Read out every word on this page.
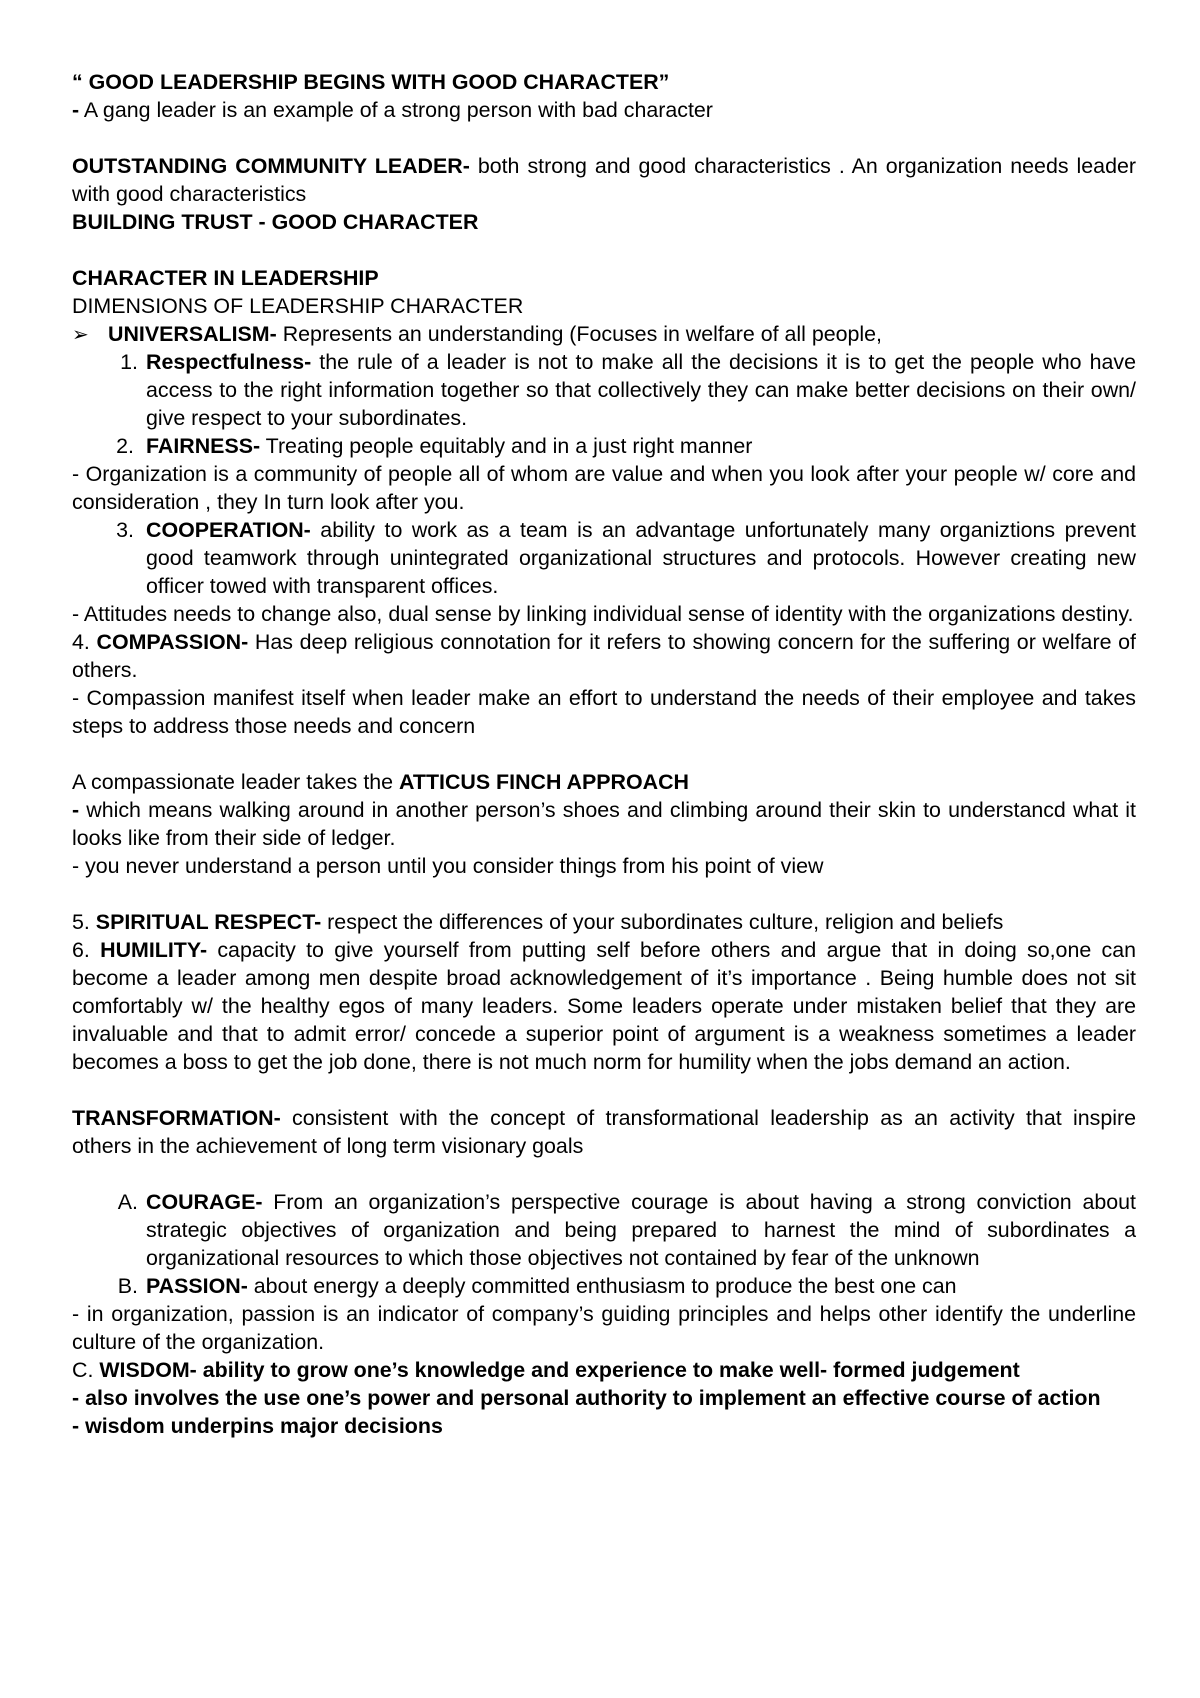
“ GOOD LEADERSHIP BEGINS WITH GOOD CHARACTER”

- A gang leader is an example of a strong person with bad character

OUTSTANDING COMMUNITY LEADER- both strong and good characteristics . An organization needs leader with good characteristics

BUILDING TRUST - GOOD CHARACTER

CHARACTER IN LEADERSHIP

DIMENSIONS OF LEADERSHIP CHARACTER

➢ UNIVERSALISM- Represents an understanding (Focuses in welfare of all people,
1. Respectfulness- the rule of a leader is not to make all the decisions it is to get the people who have access to the right information together so that collectively they can make better decisions on their own/ give respect to your subordinates.
2. FAIRNESS- Treating people equitably and in a just right manner

- Organization is a community of people all of whom are value and when you look after your people w/ core and consideration , they In turn look after you.

3. COOPERATION- ability to work as a team is an advantage unfortunately many organiztions prevent good teamwork through unintegrated organizational structures and protocols. However creating new officer towed with transparent offices.

- Attitudes needs to change also, dual sense by linking individual sense of identity with the organizations destiny.

4. COMPASSION- Has deep religious connotation for it refers to showing concern for the suffering or welfare of others.

- Compassion manifest itself when leader make an effort to understand the needs of their employee and takes steps to address those needs and concern

A compassionate leader takes the ATTICUS FINCH APPROACH

- which means walking around in another person’s shoes and climbing around their skin to understancd what it looks like from their side of ledger.

- you never understand a person until you consider things from his point of view

5. SPIRITUAL RESPECT- respect the differences of your subordinates culture, religion and beliefs

6. HUMILITY- capacity to give yourself from putting self before others and argue that in doing so,one can become a leader among men despite broad acknowledgement of it’s importance . Being humble does not sit comfortably w/ the healthy egos of many leaders. Some leaders operate under mistaken belief that they are invaluable and that to admit error/ concede a superior point of argument is a weakness sometimes a leader becomes a boss to get the job done, there is not much norm for humility when the jobs demand an action.

TRANSFORMATION- consistent with the concept of transformational leadership as an activity that inspire others in the achievement of long term visionary goals

A. COURAGE- From an organization’s perspective courage is about having a strong conviction about strategic objectives of organization and being prepared to harnest the mind of subordinates a organizational resources to which those objectives not contained by fear of the unknown
B. PASSION- about energy a deeply committed enthusiasm to produce the best one can

- in organization, passion is an indicator of company’s guiding principles and helps other identify the underline culture of the organization.

C. WISDOM- ability to grow one’s knowledge and experience to make well- formed judgement

- also involves the use one’s power and personal authority to implement an effective course of action

- wisdom underpins major decisions
